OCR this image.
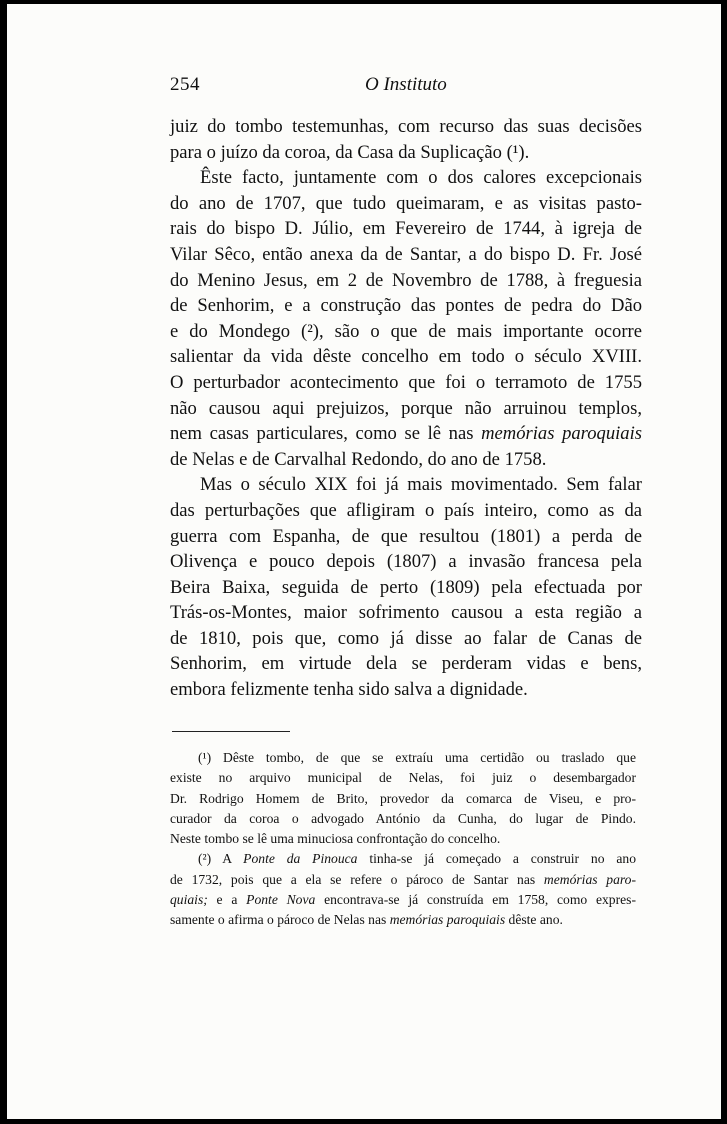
254	O Instituto
juiz do tombo testemunhas, com recurso das suas decisões
para o juízo da coroa, da Casa da Suplicação (¹).
Êste facto, juntamente com o dos calores excepcionais
do ano de 1707, que tudo queimaram, e as visitas pasto-
rais do bispo D. Júlio, em Fevereiro de 1744, à igreja de
Vilar Sêco, então anexa da de Santar, a do bispo D. Fr. José
do Menino Jesus, em 2 de Novembro de 1788, à freguesia
de Senhorim, e a construção das pontes de pedra do Dão
e do Mondego (²), são o que de mais importante ocorre
salientar da vida dêste concelho em todo o século XVIII.
O perturbador acontecimento que foi o terramoto de 1755
não causou aqui prejuizos, porque não arruinou templos,
nem casas particulares, como se lê nas memórias paroquiais
de Nelas e de Carvalhal Redondo, do ano de 1758.
Mas o século XIX foi já mais movimentado. Sem falar
das perturbações que afligiram o país inteiro, como as da
guerra com Espanha, de que resultou (1801) a perda de
Olivença e pouco depois (1807) a invasão francesa pela
Beira Baixa, seguida de perto (1809) pela efectuada por
Trás-os-Montes, maior sofrimento causou a esta região a
de 1810, pois que, como já disse ao falar de Canas de
Senhorim, em virtude dela se perderam vidas e bens,
embora felizmente tenha sido salva a dignidade.
(¹) Dêste tombo, de que se extraíu uma certidão ou traslado que
existe no arquivo municipal de Nelas, foi juiz o desembargador
Dr. Rodrigo Homem de Brito, provedor da comarca de Viseu, e pro-
curador da coroa o advogado António da Cunha, do lugar de Pindo.
Neste tombo se lê uma minuciosa confrontação do concelho.
(²) A Ponte da Pinouca tinha-se já começado a construir no ano
de 1732, pois que a ela se refere o pároco de Santar nas memórias paro-
quiais; e a Ponte Nova encontrava-se já construída em 1758, como expres-
samente o afirma o pároco de Nelas nas memórias paroquiais dêste ano.
